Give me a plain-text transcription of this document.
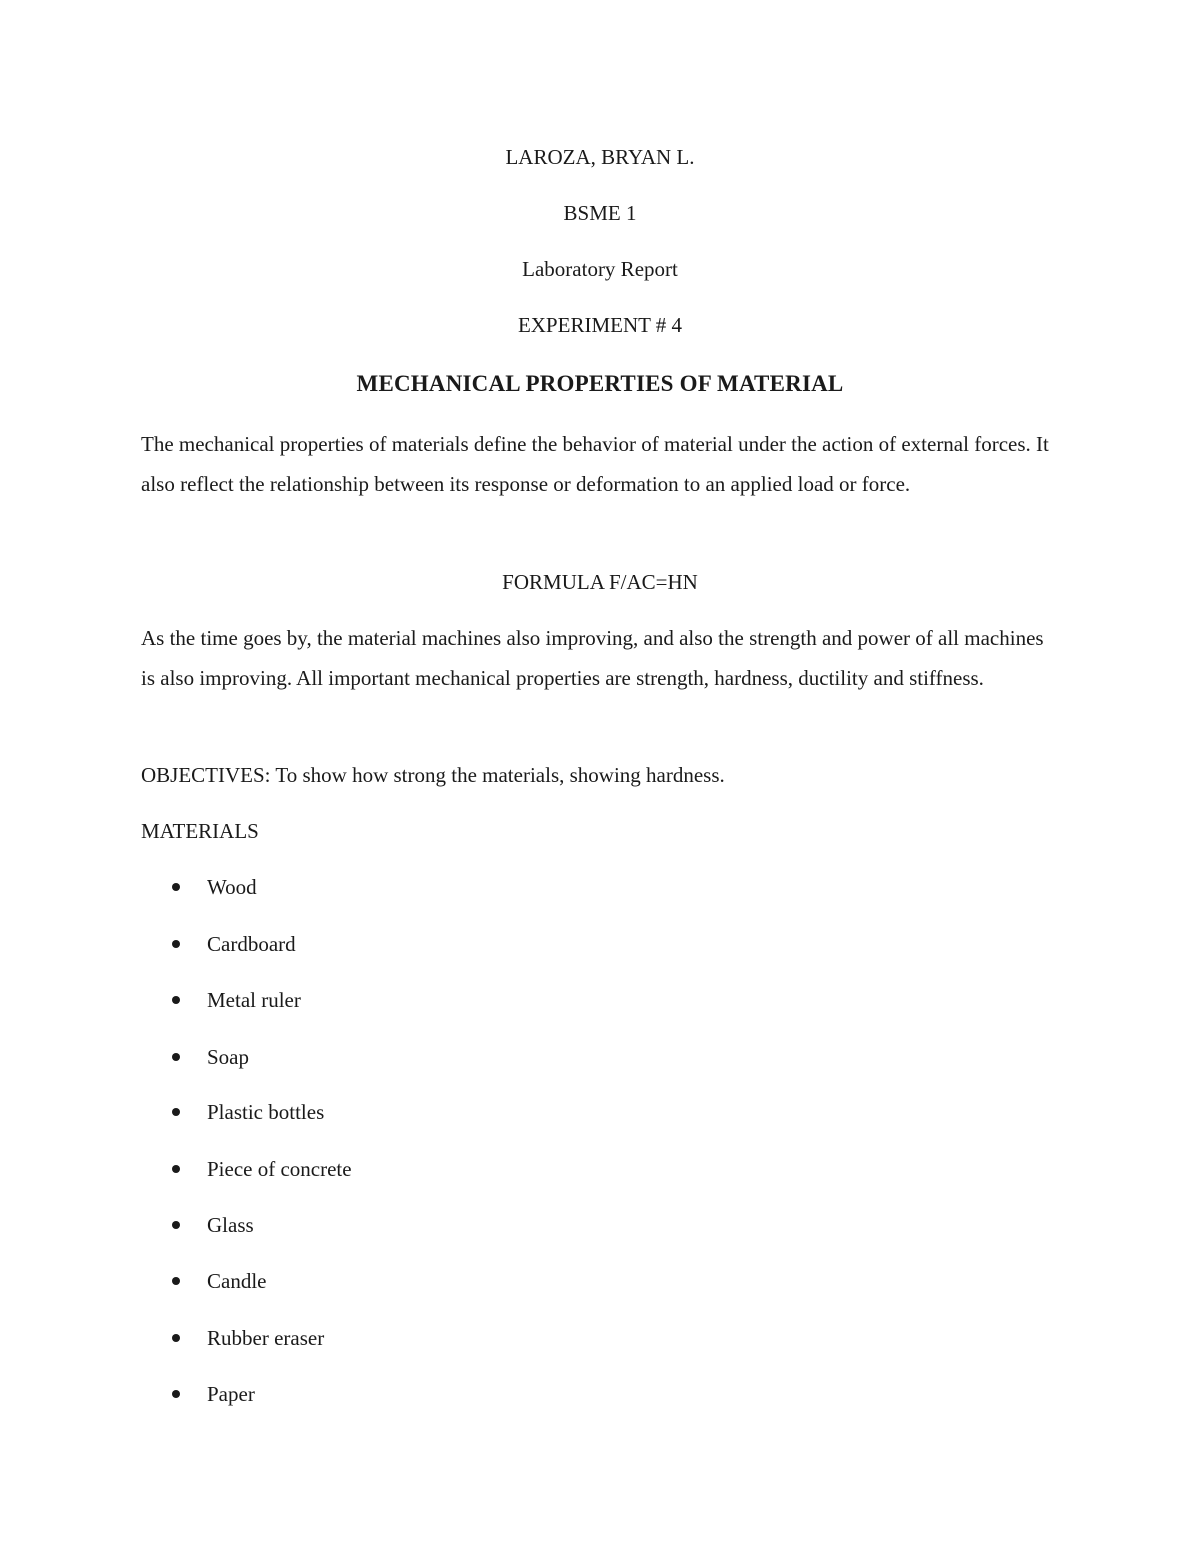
LAROZA, BRYAN L.

BSME 1

Laboratory Report

EXPERIMENT # 4

MECHANICAL PROPERTIES OF MATERIAL

The mechanical properties of materials define the behavior of material under the action of external forces. It also reflect the relationship between its response or deformation to an applied load or force.

FORMULA F/AC=HN

As the time goes by, the material machines also improving, and also the strength and power of all machines is also improving. All important mechanical properties are strength, hardness, ductility and stiffness.

OBJECTIVES: To show how strong the materials, showing hardness.

MATERIALS

Wood
Cardboard
Metal ruler
Soap
Plastic bottles
Piece of concrete
Glass
Candle
Rubber eraser
Paper
